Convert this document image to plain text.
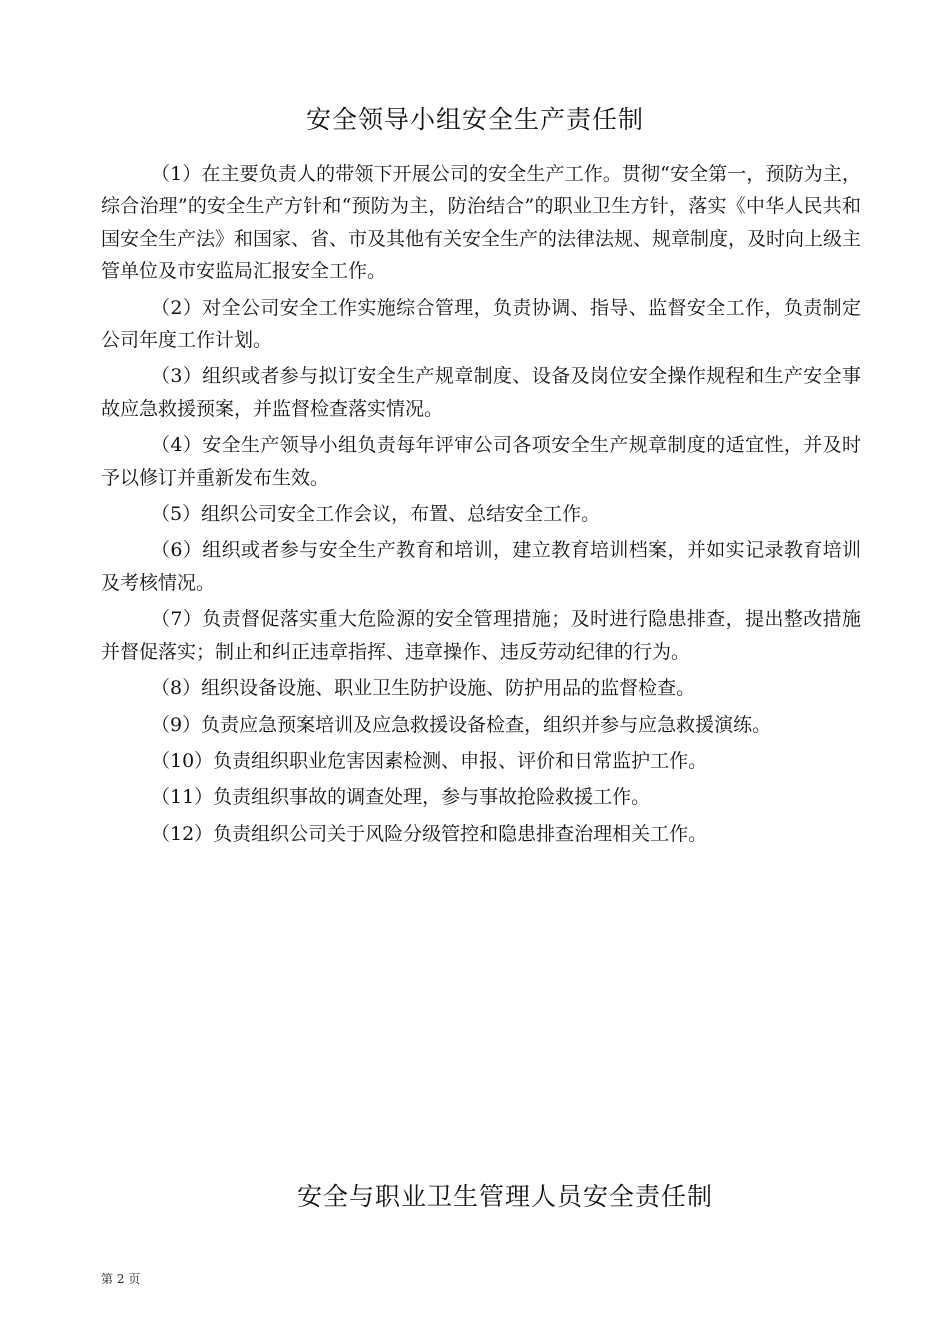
安全领导小组安全生产责任制

（1）在主要负责人的带领下开展公司的安全生产工作。贯彻“安全第一，预防为主，综合治理”的安全生产方针和“预防为主，防治结合”的职业卫生方针，落实《中华人民共和国安全生产法》和国家、省、市及其他有关安全生产的法律法规、规章制度，及时向上级主管单位及市安监局汇报安全工作。

（2）对全公司安全工作实施综合管理，负责协调、指导、监督安全工作，负责制定公司年度工作计划。

（3）组织或者参与拟订安全生产规章制度、设备及岗位安全操作规程和生产安全事故应急救援预案，并监督检查落实情况。

（4）安全生产领导小组负责每年评审公司各项安全生产规章制度的适宜性，并及时予以修订并重新发布生效。

（5）组织公司安全工作会议，布置、总结安全工作。

（6）组织或者参与安全生产教育和培训，建立教育培训档案，并如实记录教育培训及考核情况。

（7）负责督促落实重大危险源的安全管理措施；及时进行隐患排查，提出整改措施并督促落实；制止和纠正违章指挥、违章操作、违反劳动纪律的行为。

（8）组织设备设施、职业卫生防护设施、防护用品的监督检查。

（9）负责应急预案培训及应急救援设备检查，组织并参与应急救援演练。

（10）负责组织职业危害因素检测、申报、评价和日常监护工作。

（11）负责组织事故的调查处理，参与事故抢险救援工作。

（12）负责组织公司关于风险分级管控和隐患排查治理相关工作。

安全与职业卫生管理人员安全责任制
第 2 页
